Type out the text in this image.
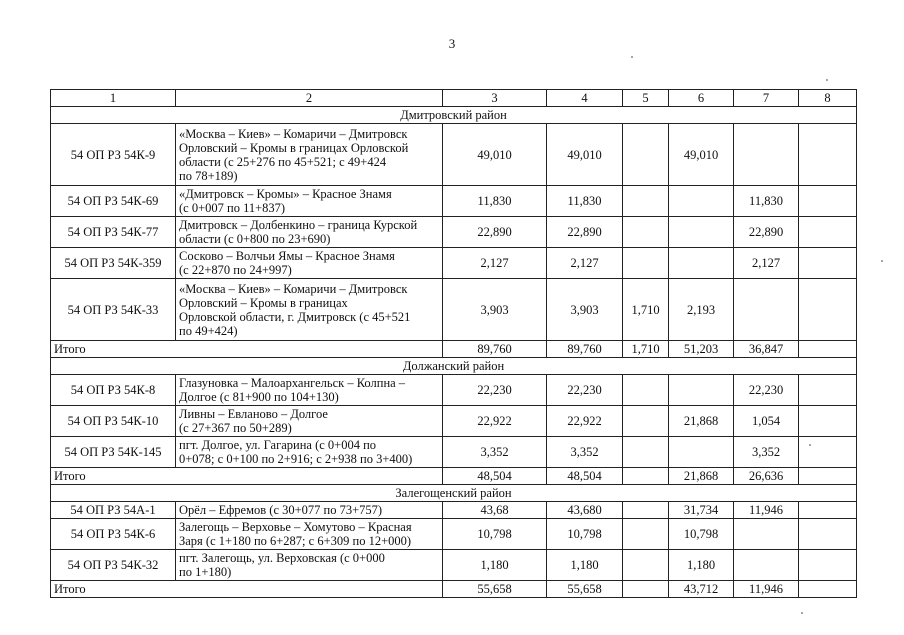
3
1	2	3	4	5	6	7	8
Дмитровский район							
54 ОП РЗ 54К-9	«Москва – Киев» – Комаричи – Дмитровск
Орловский – Кромы в границах Орловской
области (с 25+276 по 45+521; с 49+424
по 78+189)	49,010	49,010		49,010		
54 ОП РЗ 54К-69	«Дмитровск – Кромы» – Красное Знамя
(с 0+007 по 11+837)	11,830	11,830			11,830	
54 ОП РЗ 54К-77	Дмитровск – Долбенкино – граница Курской
области (с 0+800 по 23+690)	22,890	22,890			22,890	
54 ОП РЗ 54К-359	Сосково – Волчьи Ямы – Красное Знамя
(с 22+870 по 24+997)	2,127	2,127			2,127	
54 ОП РЗ 54К-33	«Москва – Киев» – Комаричи – Дмитровск
Орловский – Кромы в границах
Орловской области, г. Дмитровск (с 45+521
по 49+424)	3,903	3,903	1,710	2,193		
Итого		89,760	89,760	1,710	51,203	36,847	
Должанский район							
54 ОП РЗ 54К-8	Глазуновка – Малоархангельск – Колпна –
Долгое (с 81+900 по 104+130)	22,230	22,230			22,230	
54 ОП РЗ 54К-10	Ливны – Евланово – Долгое
(с 27+367 по 50+289)	22,922	22,922		21,868	1,054	
54 ОП РЗ 54К-145	пгт. Долгое, ул. Гагарина (с 0+004 по
0+078; с 0+100 по 2+916; с 2+938 по 3+400)	3,352	3,352			3,352	
Итого		48,504	48,504		21,868	26,636	
Залегощенский район							
54 ОП РЗ 54А-1	Орёл – Ефремов (с 30+077 по 73+757)	43,68	43,680		31,734	11,946	
54 ОП РЗ 54К-6	Залегощь – Верховье – Хомутово – Красная
Заря (с 1+180 по 6+287; с 6+309 по 12+000)	10,798	10,798		10,798		
54 ОП РЗ 54К-32	пгт. Залегощь, ул. Верховская (с 0+000
по 1+180)	1,180	1,180		1,180		
Итого		55,658	55,658		43,712	11,946	
